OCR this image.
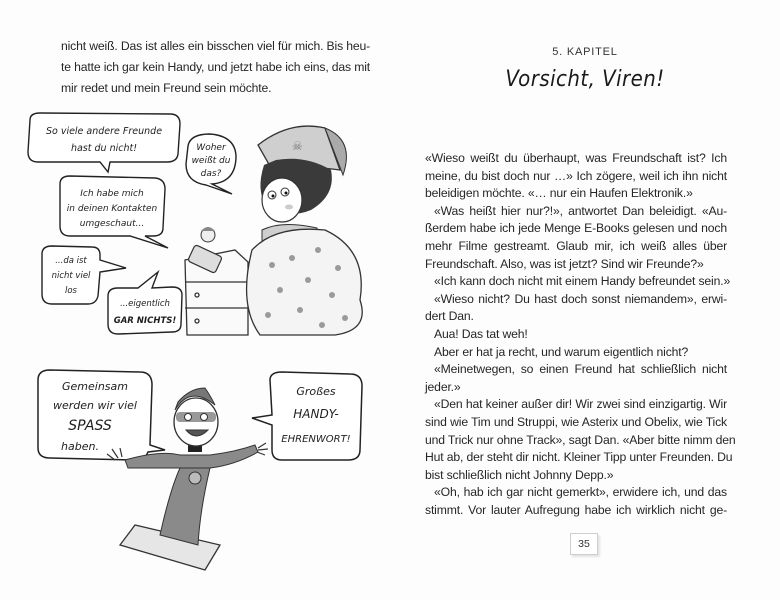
nicht weiß. Das ist alles ein bisschen viel für mich. Bis heu-
te hatte ich gar kein Handy, und jetzt habe ich eins, das mit
mir redet und mein Freund sein möchte.
☠
So viele andere Freunde
hast du nicht!	Woher
weißt du
das?
Ich habe mich
in deinen Kontakten
umgeschaut...
...da ist
nicht viel
los
...eigentlich
GAR NICHTS!
Gemeinsam
werden wir viel
SPASS
haben.
Großes
HANDY-
EHRENWORT!
5. KAPITEL
Vorsicht, Viren!
«Wieso weißt du überhaupt, was Freundschaft ist? Ich
meine, du bist doch nur …» Ich zögere, weil ich ihn nicht
beleidigen möchte. «… nur ein Haufen Elektronik.»
«Was heißt hier nur?!», antwortet Dan beleidigt. «Au-
ßerdem habe ich jede Menge E-Books gelesen und noch
mehr Filme gestreamt. Glaub mir, ich weiß alles über
Freundschaft. Also, was ist jetzt? Sind wir Freunde?»
«Ich kann doch nicht mit einem Handy befreundet sein.»
«Wieso nicht? Du hast doch sonst niemandem», erwi-
dert Dan.
Aua! Das tat weh!
Aber er hat ja recht, und warum eigentlich nicht?
«Meinetwegen, so einen Freund hat schließlich nicht
jeder.»
«Den hat keiner außer dir! Wir zwei sind einzigartig. Wir
sind wie Tim und Struppi, wie Asterix und Obelix, wie Tick
und Trick nur ohne Track», sagt Dan. «Aber bitte nimm den
Hut ab, der steht dir nicht. Kleiner Tipp unter Freunden. Du
bist schließlich nicht Johnny Depp.»
«Oh, hab ich gar nicht gemerkt», erwidere ich, und das
stimmt. Vor lauter Aufregung habe ich wirklich nicht ge-
35
